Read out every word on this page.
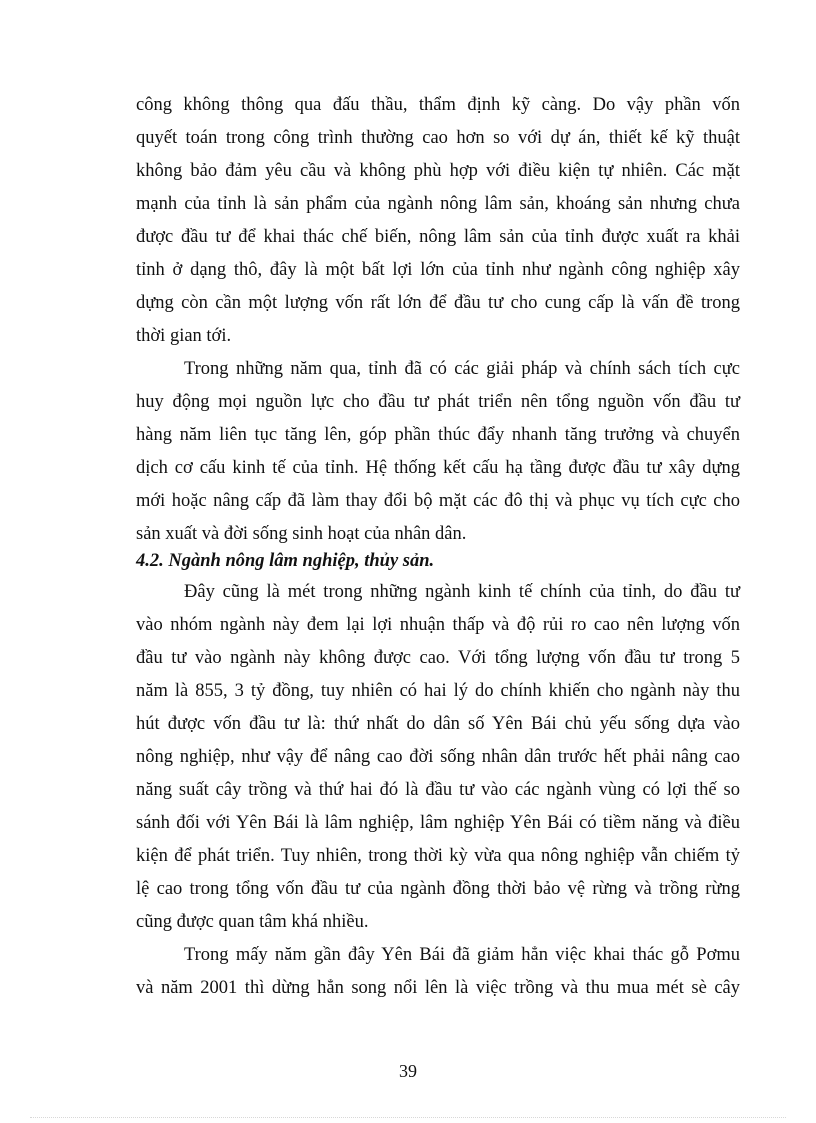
công không thông qua đấu thầu, thẩm định kỹ càng. Do vậy phần vốn
quyết toán trong công trình thường cao hơn so với dự án, thiết kế kỹ thuật
không bảo đảm yêu cầu và không phù hợp với điều kiện tự nhiên. Các mặt
mạnh của tỉnh là sản phẩm của ngành nông lâm sản, khoáng sản nhưng chưa
được đầu tư để khai thác chế biến, nông lâm sản của tỉnh được xuất ra khải
tỉnh ở dạng thô, đây là một bất lợi lớn của tỉnh như ngành công nghiệp xây
dựng còn cần một lượng vốn rất lớn để đầu tư cho cung cấp là vấn đề trong
thời gian tới.
Trong những năm qua, tỉnh đã có các giải pháp và chính sách tích cực
huy động mọi nguồn lực cho đầu tư phát triển nên tổng nguồn vốn đầu tư
hàng năm liên tục tăng lên, góp phần thúc đẩy nhanh tăng trưởng và chuyển
dịch cơ cấu kinh tế của tỉnh. Hệ thống kết cấu hạ tầng được đầu tư xây dựng
mới hoặc nâng cấp đã làm thay đổi bộ mặt các đô thị và phục vụ tích cực cho
sản xuất và đời sống sinh hoạt của nhân dân.
4.2. Ngành nông lâm nghiệp, thủy sản.
Đây cũng là mét trong những ngành kinh tế chính của tỉnh, do đầu tư
vào nhóm ngành này đem lại lợi nhuận thấp và độ rủi ro cao nên lượng vốn
đầu tư vào ngành này không được cao. Với tổng lượng vốn đầu tư trong 5
năm là 855, 3 tỷ đồng, tuy nhiên có hai lý do chính khiến cho ngành này thu
hút được vốn đầu tư là: thứ nhất do dân số Yên Bái chủ yếu sống dựa vào
nông nghiệp, như vậy để nâng cao đời sống nhân dân trước hết phải nâng cao
năng suất cây trồng và thứ hai đó là đầu tư vào các ngành vùng có lợi thế so
sánh đối với Yên Bái là lâm nghiệp, lâm nghiệp Yên Bái có tiềm năng và điều
kiện để phát triển. Tuy nhiên, trong thời kỳ vừa qua nông nghiệp vẫn chiếm tỷ
lệ cao trong tổng vốn đầu tư của ngành đồng thời bảo vệ rừng và trồng rừng
cũng được quan tâm khá nhiều.
Trong mấy năm gần đây Yên Bái đã giảm hẳn việc khai thác gỗ Pơmu
và năm 2001 thì dừng hẳn song nổi lên là việc trồng và thu mua mét sè cây
39
